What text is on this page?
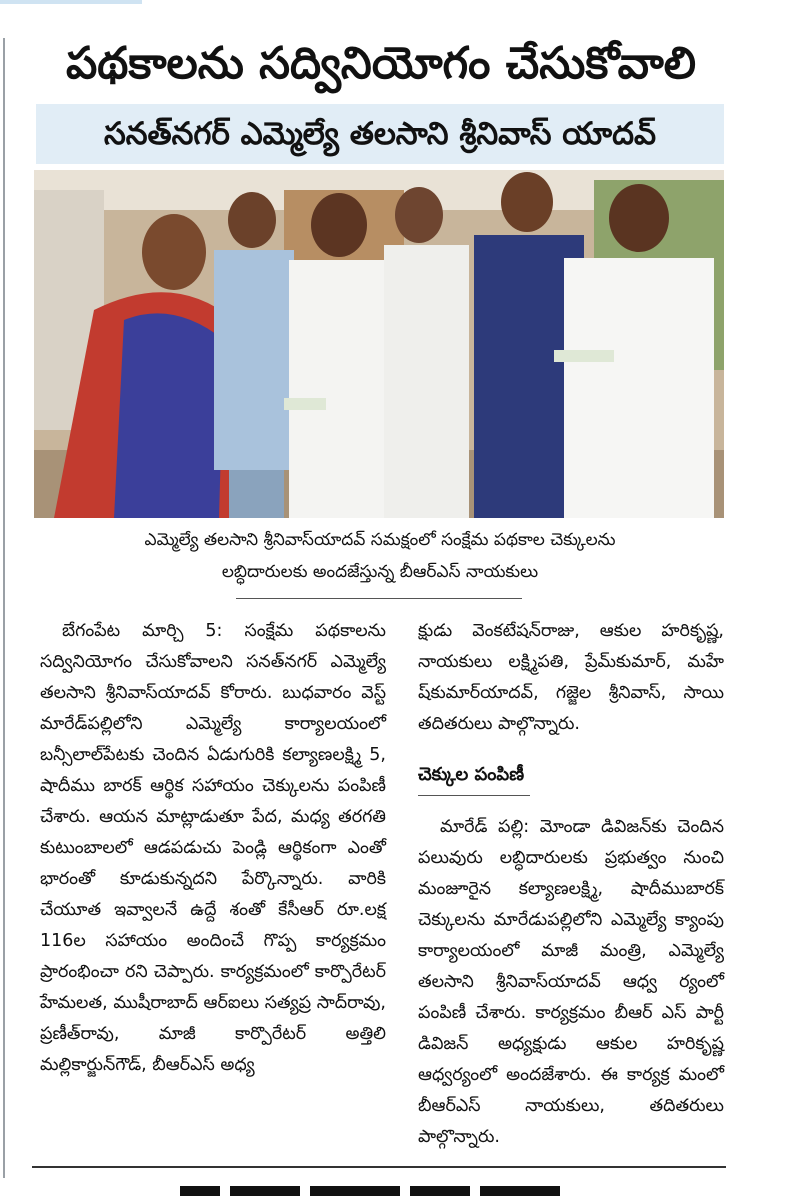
పథకాలను సద్వినియోగం చేసుకోవాలి
సనత్‌నగర్ ఎమ్మెల్యే తలసాని శ్రీనివాస్ యాదవ్
ఎమ్మెల్యే తలసాని శ్రీనివాస్‌యాదవ్ సమక్షంలో సంక్షేమ పథకాల చెక్కులను
లబ్ధిదారులకు అందజేస్తున్న బీఆర్ఎస్ నాయకులు

బేగంపేట మార్చి 5: సంక్షేమ పథకాలను సద్వినియోగం చేసుకోవాలని సనత్‌నగర్ ఎమ్మెల్యే తలసాని శ్రీనివాస్‌యాదవ్ కోరారు. బుధవారం వెస్ట్ మారేడ్‌పల్లిలోని ఎమ్మెల్యే కార్యాలయంలో బన్సీలాల్‌పేటకు చెందిన ఏడుగురికి కల్యాణలక్ష్మి 5, షాదీము బారక్ ఆర్థిక సహాయం చెక్కులను పంపిణీ చేశారు. ఆయన మాట్లాడుతూ పేద, మధ్య తరగతి కుటుంబాలలో ఆడపడుచు పెండ్లి ఆర్థికంగా ఎంతో భారంతో కూడుకున్నదని పేర్కొన్నారు. వారికి చేయూత ఇవ్వాలనే ఉద్దే శంతో కేసీఆర్ రూ.లక్ష 116ల సహాయం అందించే గొప్ప కార్యక్రమం ప్రారంభించా రని చెప్పారు. కార్యక్రమంలో కార్పొరేటర్ హేమలత, ముషీరాబాద్ ఆర్ఐలు సత్యప్ర సాద్‌రావు, ప్రణీత్‌రావు, మాజీ కార్పొరేటర్ అత్తిలి మల్లికార్జున్‌గౌడ్, బీఆర్ఎస్ అధ్య

క్షుడు వెంకటేషన్‌రాజు, ఆకుల హరికృష్ణ, నాయకులు లక్ష్మిపతి, ప్రేమ్‌కుమార్, మహే ష్‌కుమార్‌యాదవ్, గజ్జెల శ్రీనివాస్, సాయి తదితరులు పాల్గొన్నారు.

చెక్కుల పంపిణీ

మారేడ్ పల్లి: మోండా డివిజన్‌కు చెందిన పలువురు లబ్ధిదారులకు ప్రభుత్వం నుంచి మంజూరైన కల్యాణలక్ష్మి, షాదీముబారక్ చెక్కులను మారేడుపల్లిలోని ఎమ్మెల్యే క్యాంపు కార్యాలయంలో మాజీ మంత్రి, ఎమ్మెల్యే తలసాని శ్రీనివాస్‌యాదవ్ ఆధ్వ ర్యంలో పంపిణీ చేశారు. కార్యక్రమం బీఆర్ ఎస్ పార్టీ డివిజన్ అధ్యక్షుడు ఆకుల హరికృష్ణ ఆధ్వర్యంలో అందజేశారు. ఈ కార్యక్ర మంలో బీఆర్ఎస్ నాయకులు, తదితరులు పాల్గొన్నారు.
